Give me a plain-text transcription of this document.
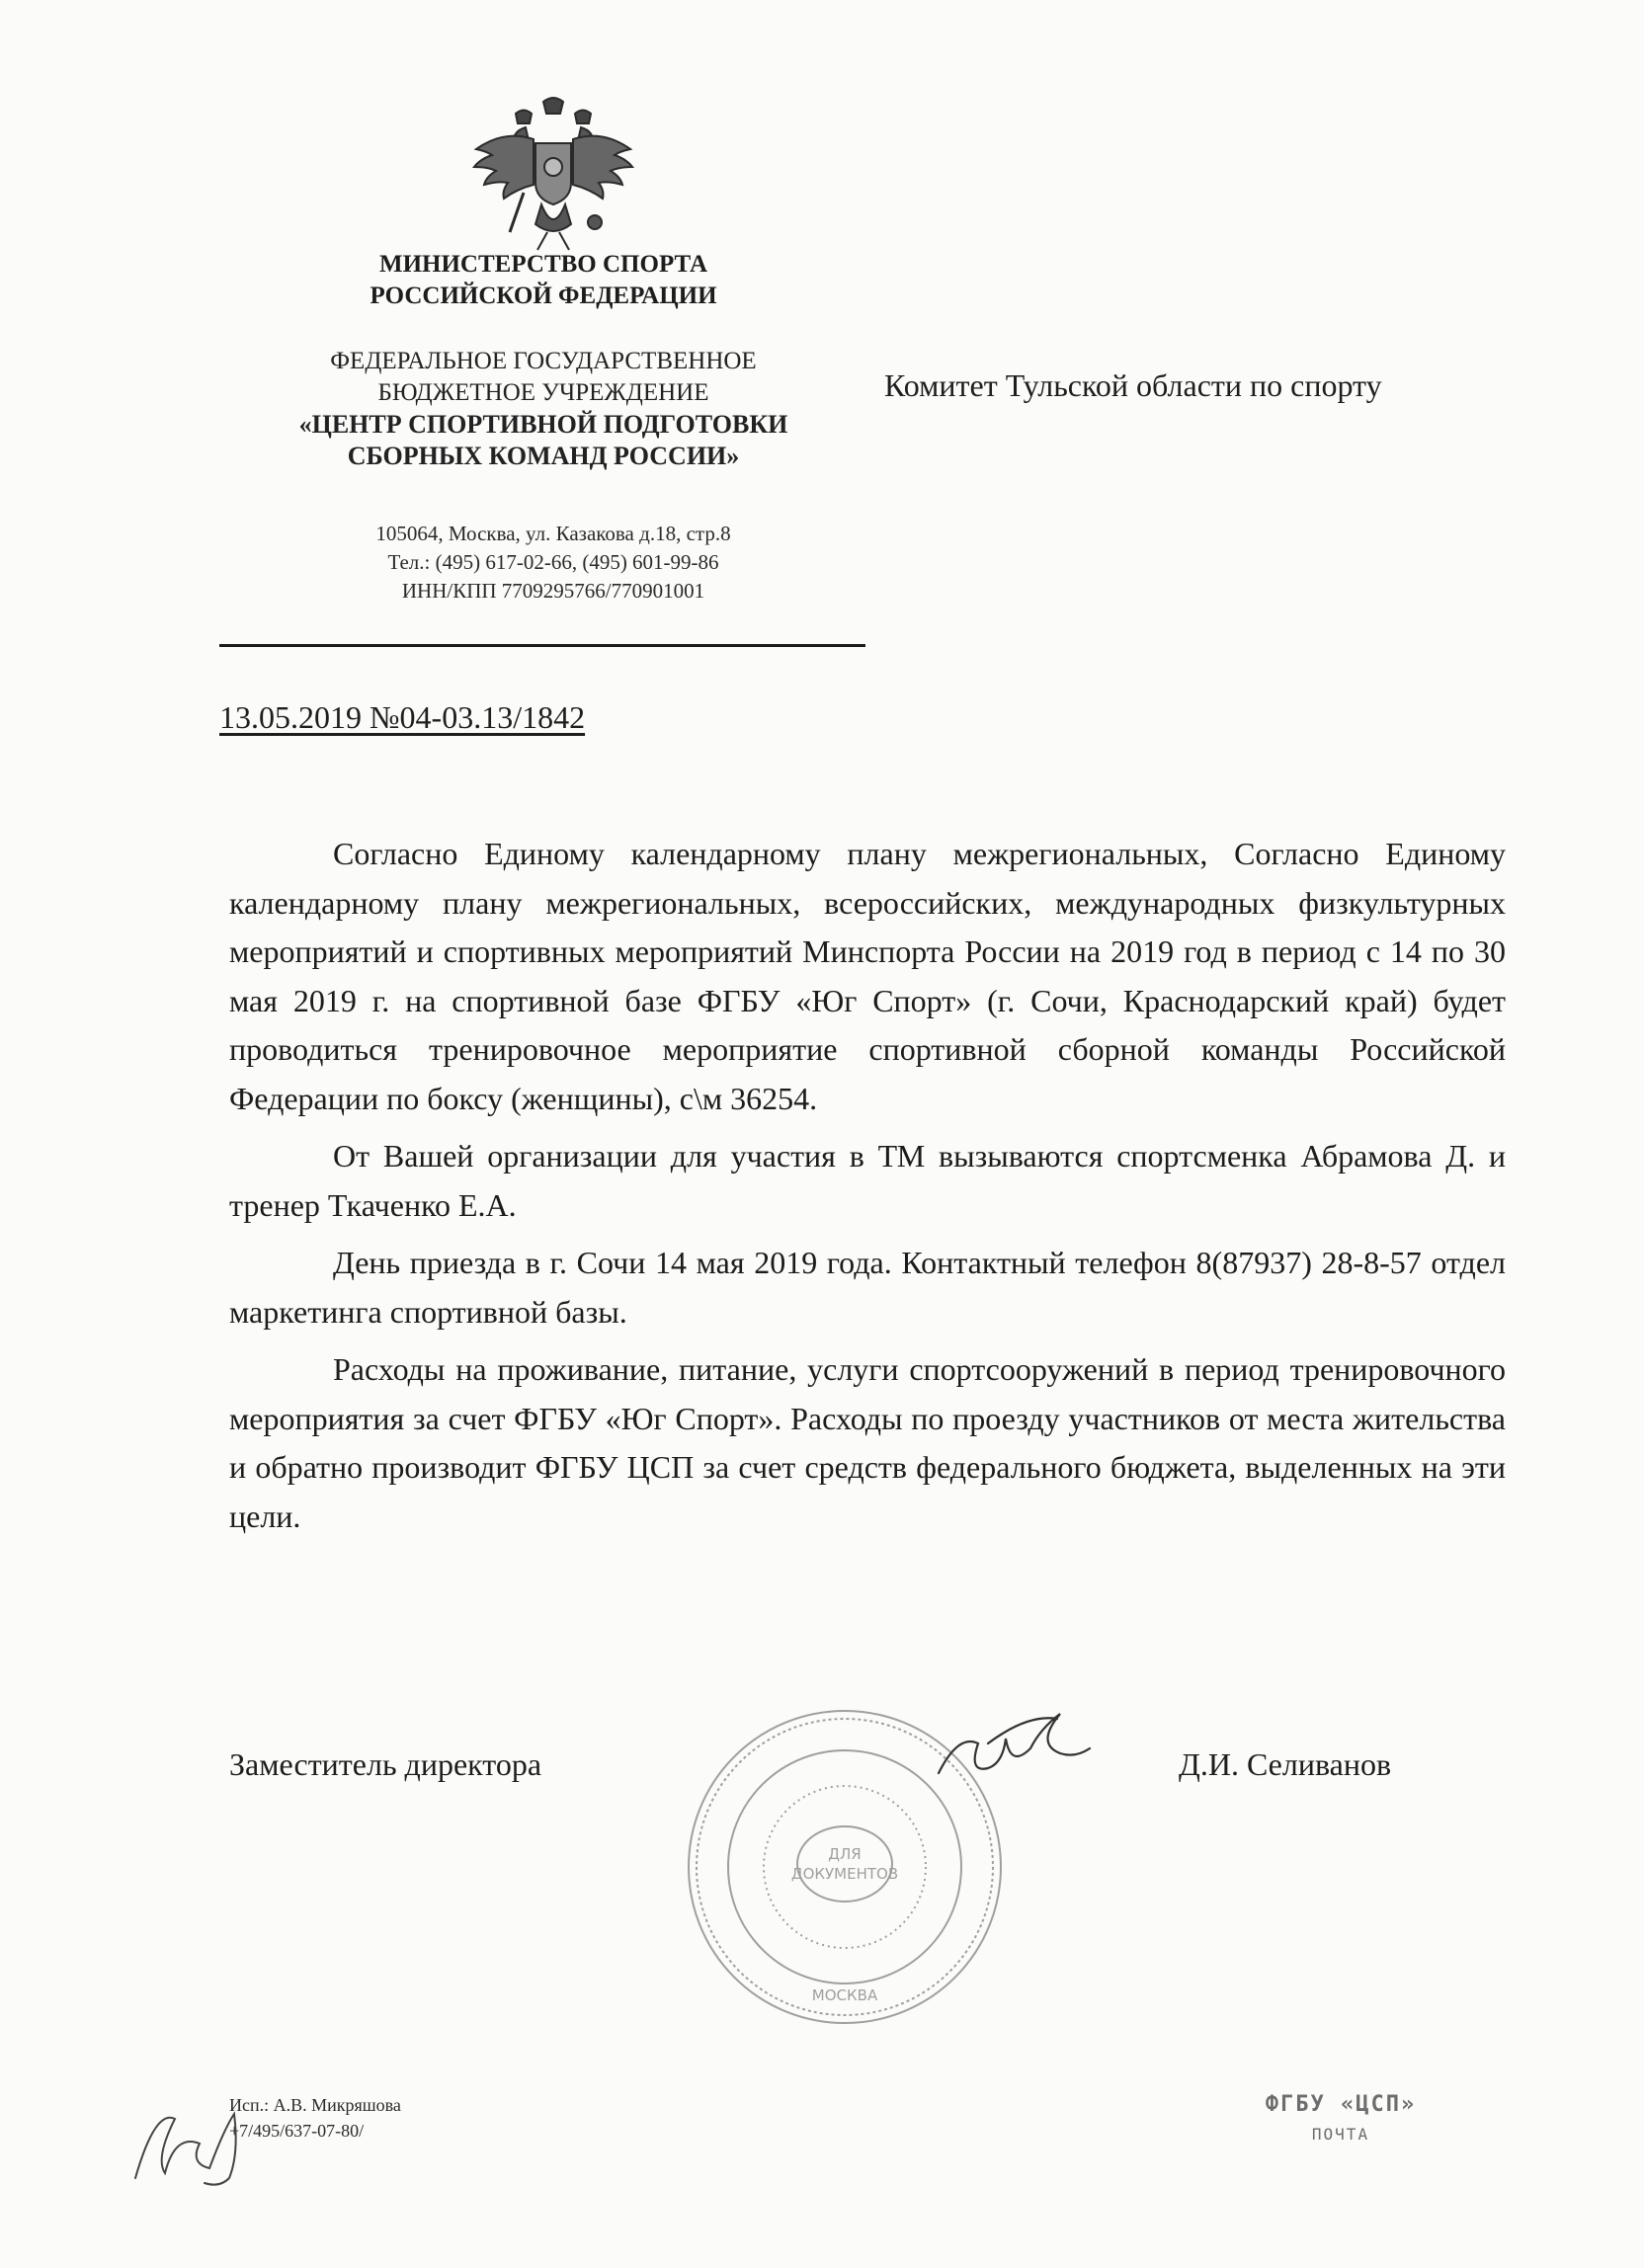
МИНИСТЕРСТВО СПОРТА
РОССИЙСКОЙ ФЕДЕРАЦИИ
ФЕДЕРАЛЬНОЕ ГОСУДАРСТВЕННОЕ
БЮДЖЕТНОЕ УЧРЕЖДЕНИЕ
«ЦЕНТР СПОРТИВНОЙ ПОДГОТОВКИ
СБОРНЫХ КОМАНД РОССИИ»
105064, Москва, ул. Казакова д.18, стр.8
Тел.: (495) 617-02-66, (495) 601-99-86
ИНН/КПП 7709295766/770901001
Комитет Тульской области по спорту
13.05.2019 №04-03.13/1842

Согласно Единому календарному плану межрегиональных, Согласно Единому календарному плану межрегиональных, всероссийских, международных физкультурных мероприятий и спортивных мероприятий Минспорта России на 2019 год в период с 14 по 30 мая 2019 г. на спортивной базе ФГБУ «Юг Спорт» (г. Сочи, Краснодарский край) будет проводиться тренировочное мероприятие спортивной сборной команды Российской Федерации по боксу (женщины), с\м 36254.

От Вашей организации для участия в ТМ вызываются спортсменка Абрамова Д. и тренер Ткаченко Е.А.

День приезда в г. Сочи 14 мая 2019 года. Контактный телефон 8(87937) 28-8-57 отдел маркетинга спортивной базы.

Расходы на проживание, питание, услуги спортсооружений в период тренировочного мероприятия за счет ФГБУ «Юг Спорт». Расходы по проезду участников от места жительства и обратно производит ФГБУ ЦСП за счет средств федерального бюджета, выделенных на эти цели.

Заместитель директора
ДЛЯ
ДОКУМЕНТОВ
МОСКВА
Д.И. Селиванов
Исп.: А.В. Микряшова
+7/495/637-07-80/
ФГБУ «ЦСП»
ПОЧТА
